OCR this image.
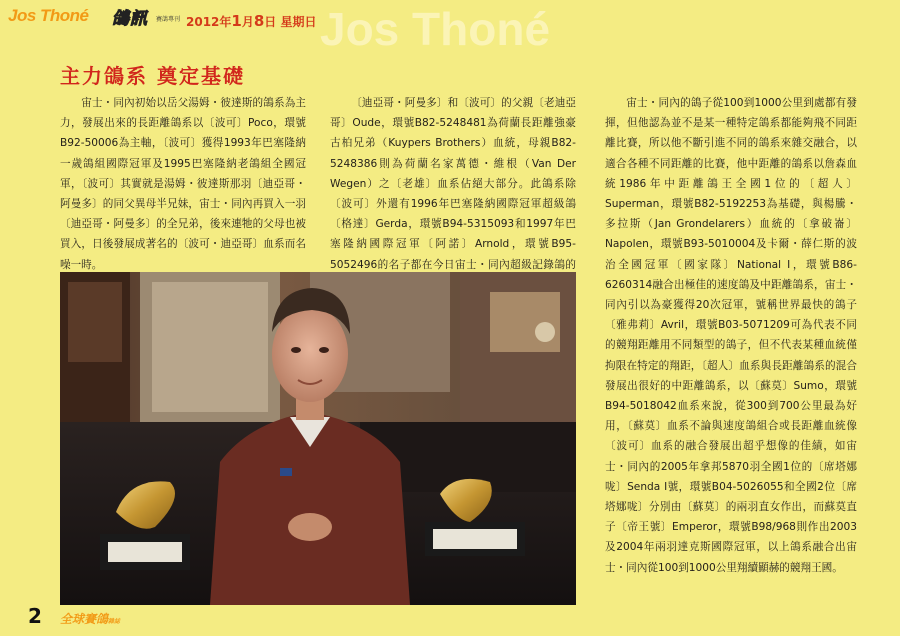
Jos Thoné 鴿訊 賽鴿專刊 2012年1月8日 星期日 Jos Thoné
主力鴿系 奠定基礎
宙士・同內初始以岳父湯姆・彼達斯的鴿系為主力，發展出來的長距離鴿系以〔波可〕Poco，環號B92-50006為主軸，〔波可〕獲得1993年巴塞隆納一歲鴿組國際冠軍及1995巴塞隆納老鴿組全國冠軍，〔波可〕其實就是湯姆・彼達斯那羽〔迪亞哥・阿曼多〕的同父異母半兄妹，宙士・同內再買入一羽〔迪亞哥・阿曼多〕的全兄弟，後來連牠的父母也被買入，日後發展成著名的〔波可・迪亞哥〕血系而名噪一時。
〔迪亞哥・阿曼多〕和〔波可〕的父親〔老迪亞哥〕Oude，環號B82-5248481為荷蘭長距離強豪古柏兄弟（Kuypers Brothers）血統，母親B82-5248386則為荷蘭名家萬德・維根（Van Der Wegen）之〔老雄〕血系佔絕大部分。此鴿系除〔波可〕外還有1996年巴塞隆納國際冠軍超級鴿〔格達〕Gerda，環號B94-5315093和1997年巴塞隆納國際冠軍〔阿諾〕Arnold，環號B95-5052496的名子都在今日宙士・同內超級記錄鴿的
宙士・同內的鴿子從100到1000公里到處都有發揮，但他認為並不是某一種特定鴿系都能夠飛不同距離比賽，所以他不斷引進不同的鴿系來雜交融合，以適合各種不同距離的比賽，他中距離的鴿系以詹森血統1986年中距離鴿王全國1位的〔超人〕Superman，環號B82-5192253為基礎，與楊騰・多拉斯（Jan Grondelarers）血統的〔拿破崙〕Napolen，環號B93-5010004及卡爾・薛仁斯的波治全國冠軍〔國家隊〕National I，環號B86-6260314融合出極佳的速度鴿及中距離鴿系，宙士・同內引以為豪獲得20次冠軍，號稱世界最快的鴿子〔雅弗莉〕Avril，環號B03-5071209可為代表不同的競翔距離用不同類型的鴿子，但不代表某種血統僅拘限在特定的翔距，〔超人〕血系與長距離鴿系的混合發展出很好的中距離鴿系，以〔蘇莫〕Sumo，環號B94-5018042血系來說，從300到700公里最為好用，〔蘇莫〕血系不論與速度鴿組合或長距離血統像〔波可〕血系的融合發展出超乎想像的佳績，如宙士・同內的2005年拿邦5870羽全國1位的〔席塔娜咙〕Senda I號，環號B04-5026055和全國2位〔席塔娜咙〕分別由〔蘇莫〕的兩羽直女作出，而蘇莫直子〔帝王號〕Emperor，環號B98/968則作出2003及2004年兩羽達克斯國際冠軍，以上鴿系融合出宙士・同內從100到1000公里翔續顯赫的競翔王國。
2 全球賽鴿雜誌
